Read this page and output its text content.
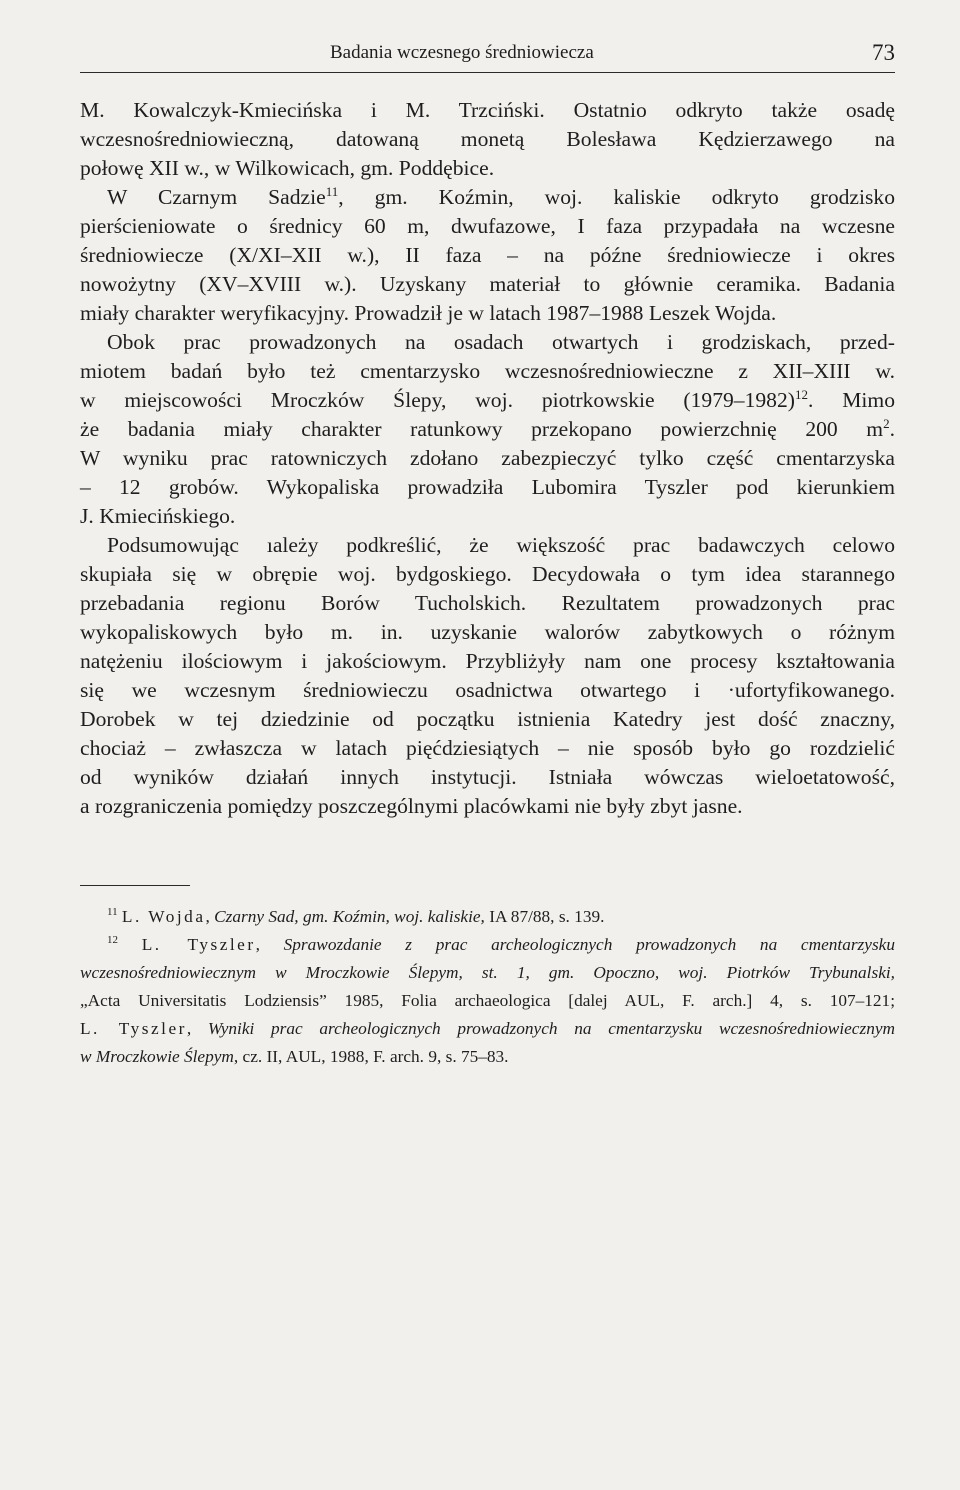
Badania wczesnego średniowiecza	73
M. Kowalczyk-Kmiecińska i M. Trzciński. Ostatnio odkryto także osadę
wczesnośredniowieczną, datowaną monetą Bolesława Kędzierzawego na
połowę XII w., w Wilkowicach, gm. Poddębice.
W Czarnym Sadzie$^{11}$, gm. Koźmin, woj. kaliskie odkryto grodzisko
pierścieniowate o średnicy 60 m, dwufazowe, I faza przypadała na wczesne
średniowiecze (X/XI–XII w.), II faza – na późne średniowiecze i okres
nowożytny (XV–XVIII w.). Uzyskany materiał to głównie ceramika. Badania
miały charakter weryfikacyjny. Prowadził je w latach 1987–1988 Leszek Wojda.
Obok prac prowadzonych na osadach otwartych i grodziskach, przed-
miotem badań było też cmentarzysko wczesnośredniowieczne z XII–XIII w.
w miejscowości Mroczków Ślepy, woj. piotrkowskie (1979–1982)$^{12}$. Mimo
że badania miały charakter ratunkowy przekopano powierzchnię 200 $m^2$.
W wyniku prac ratowniczych zdołano zabezpieczyć tylko część cmentarzyska
– 12 grobów. Wykopaliska prowadziła Lubomira Tyszler pod kierunkiem
J. Kmiecińskiego.
Podsumowując ıależy podkreślić, że większość prac badawczych celowo
skupiała się w obręɒie woj. bydgoskiego. Decydowała o tym idea starannego
przebadania regionu Borów Tucholskich. Rezultatem prowadzonych prac
wykopaliskowych było m. in. uzyskanie walorów zabytkowych o różnym
natężeniu ilościowym i jakościowym. Przybliżyły nam one procesy kształtowania
się we wczesnym średniowieczu osadnictwa otwartego i ·ufortyfikowanego.
Dorobek w tej dziedzinie od początku istnienia Katedry jest dość znaczny,
chociaż – zwłaszcza w latach pięćdziesiątych – nie sposób było go rozdzielić
od wyników działań innych instytucji. Istniała wówczas wieloetatowość,
a rozgraniczenia pomiędzy poszczególnymi placówkami nie były zbyt jasne.
$^{11}$ L. Wojda, Czarny Sad, gm. Koźmin, woj. kaliskie, IA 87/88, s. 139.
$^{12}$ L. Tyszler, Sprawozdanie z prac archeologicznych prowadzonych na cmentarzysku
wczesnośredniowiecznym w Mroczkowie Ślepym, st. 1, gm. Opoczno, woj. Piotrków Trybunalski,
„Acta Universitatis Lodziensis” 1985, Folia archaeologica [dalej AUL, F. arch.] 4, s. 107–121;
L. Tyszler, Wyniki prac archeologicznych prowadzonych na cmentarzysku wczesnośredniowiecznym
w Mroczkowie Ślepym, cz. II, AUL, 1988, F. arch. 9, s. 75–83.
